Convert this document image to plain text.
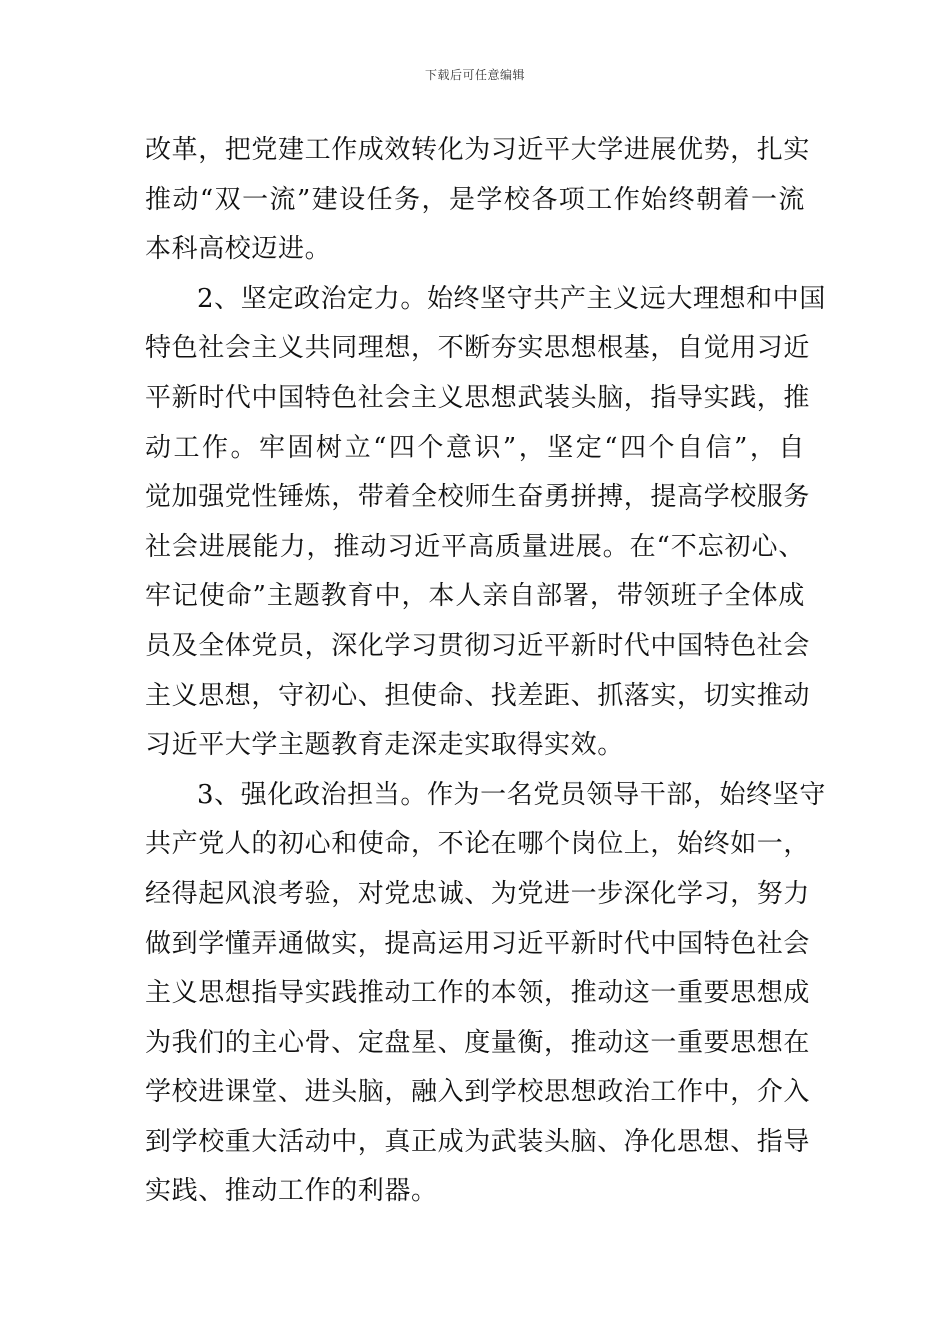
下载后可任意编辑
改革，把党建工作成效转化为习近平大学进展优势，扎实
推动“双一流”建设任务，是学校各项工作始终朝着一流
本科高校迈进。
2、坚定政治定力。始终坚守共产主义远大理想和中国
特色社会主义共同理想，不断夯实思想根基，自觉用习近
平新时代中国特色社会主义思想武装头脑，指导实践，推
动工作。牢固树立“四个意识”，坚定“四个自信”，自
觉加强党性锤炼，带着全校师生奋勇拼搏，提高学校服务
社会进展能力，推动习近平高质量进展。在“不忘初心、
牢记使命”主题教育中，本人亲自部署，带领班子全体成
员及全体党员，深化学习贯彻习近平新时代中国特色社会
主义思想，守初心、担使命、找差距、抓落实，切实推动
习近平大学主题教育走深走实取得实效。
3、强化政治担当。作为一名党员领导干部，始终坚守
共产党人的初心和使命，不论在哪个岗位上，始终如一，
经得起风浪考验，对党忠诚、为党进一步深化学习，努力
做到学懂弄通做实，提高运用习近平新时代中国特色社会
主义思想指导实践推动工作的本领，推动这一重要思想成
为我们的主心骨、定盘星、度量衡，推动这一重要思想在
学校进课堂、进头脑，融入到学校思想政治工作中，介入
到学校重大活动中，真正成为武装头脑、净化思想、指导
实践、推动工作的利器。
